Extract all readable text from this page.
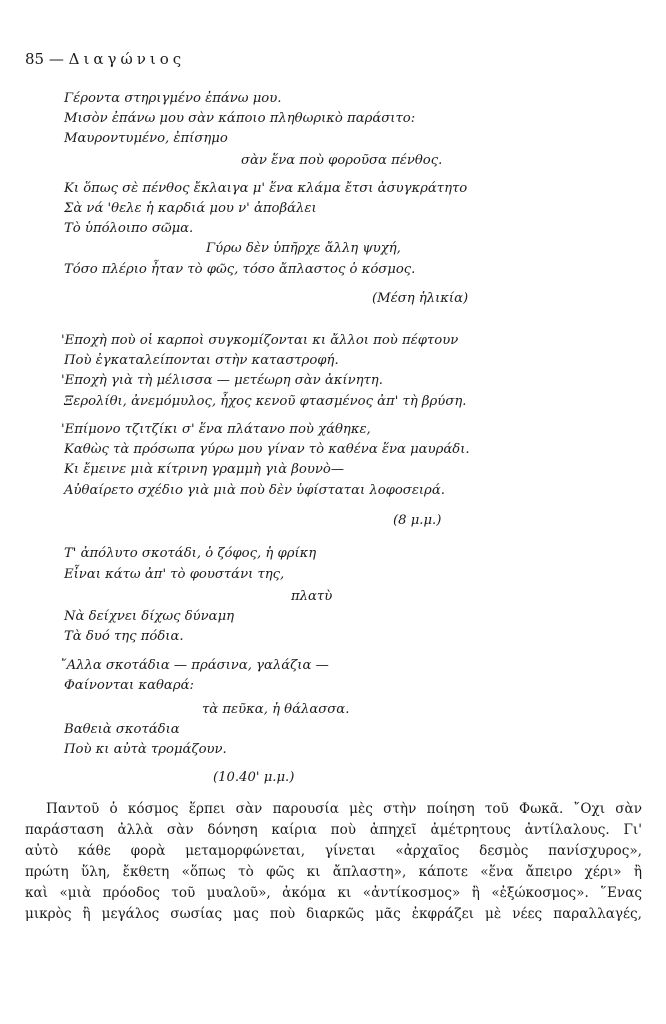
85 — Διαγώνιος
Γέροντα στηριγμένο ἐπάνω μου.
Μισὸν ἐπάνω μου σὰν κάποιο πληθωρικὸ παράσιτο:
Μαυροντυμένο, ἐπίσημο
σὰν ἕνα ποὺ φοροῦσα πένθος.
Κι ὅπως σὲ πένθος ἔκλαιγα μ' ἕνα κλάμα ἔτσι ἀσυγκράτητο
Σὰ νά 'θελε ἡ καρδιά μου ν' ἀποβάλει
Τὸ ὑπόλοιπο σῶμα.
Γύρω δὲν ὑπῆρχε ἄλλη ψυχή,
Τόσο πλέριο ἦταν τὸ φῶς, τόσο ἄπλαστος ὁ κόσμος.
(Μέση ἡλικία)
'Εποχὴ ποὺ οἱ καρποὶ συγκομίζονται κι ἄλλοι ποὺ πέφτουν
Ποὺ ἐγκαταλείπονται στὴν καταστροφή.
'Εποχὴ γιὰ τὴ μέλισσα — μετέωρη σὰν ἀκίνητη.
Ξερολίθι, ἀνεμόμυλος, ἦχος κενοῦ φτασμένος ἀπ' τὴ βρύση.
'Επίμονο τζιτζίκι σ' ἕνα πλάτανο ποὺ χάθηκε,
Καθὼς τὰ πρόσωπα γύρω μου γίναν τὸ καθένα ἕνα μαυράδι.
Κι ἔμεινε μιὰ κίτρινη γραμμὴ γιὰ βουνὸ—
Αὐθαίρετο σχέδιο γιὰ μιὰ ποὺ δὲν ὑφίσταται λοφοσειρά.
(8 μ.μ.)
Τ' ἀπόλυτο σκοτάδι, ὁ ζόφος, ἡ φρίκη
Εἶναι κάτω ἀπ' τὸ φουστάνι της,
πλατὺ
Νὰ δείχνει δίχως δύναμη
Τὰ δυό της πόδια.
῎Αλλα σκοτάδια — πράσινα, γαλάζια —
Φαίνονται καθαρά:
τὰ πεῦκα, ἡ θάλασσα.
Βαθειὰ σκοτάδια
Ποὺ κι αὐτὰ τρομάζουν.
(10.40' μ.μ.)
Παντοῦ ὁ κόσμος ἕρπει σὰν παρουσία μὲς στὴν ποίηση τοῦ Φωκᾶ. ῎Οχι σὰν
παράσταση ἀλλὰ σὰν δόνηση καίρια ποὺ ἀπηχεῖ ἀμέτρητους ἀντίλαλους. Γι'
αὐτὸ κάθε φορὰ μεταμορφώνεται, γίνεται «ἀρχαῖος δεσμὸς πανίσχυρος»,
πρώτη ὕλη, ἔκθετη «ὅπως τὸ φῶς κι ἄπλαστη», κάποτε «ἕνα ἄπειρο χέρι» ἢ
καὶ «μιὰ πρόοδος τοῦ μυαλοῦ», ἀκόμα κι «ἀντίκοσμος» ἢ «ἐξώκοσμος». ῞Ενας
μικρὸς ἢ μεγάλος σωσίας μας ποὺ διαρκῶς μᾶς ἐκφράζει μὲ νέες παραλλαγές,
